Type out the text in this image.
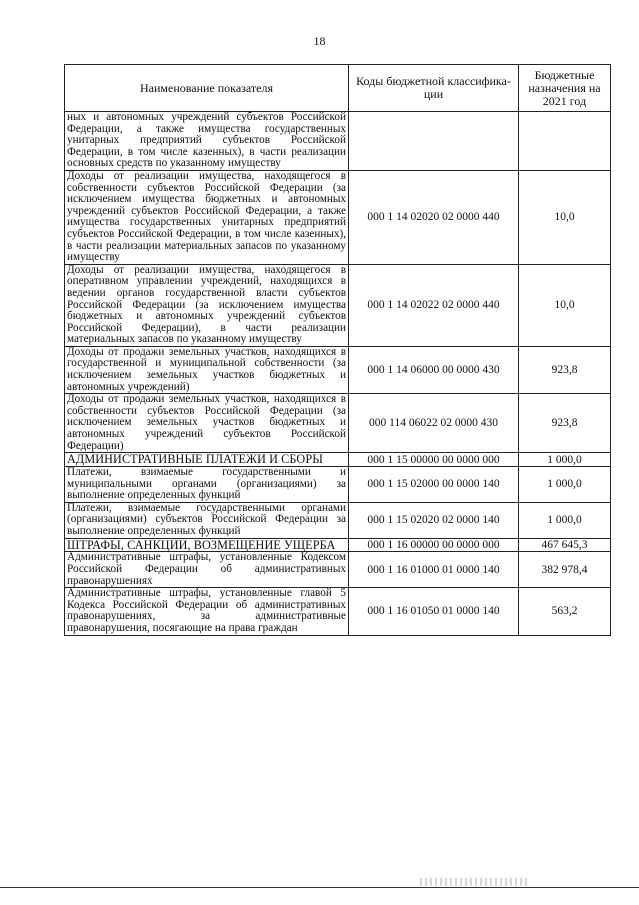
18
Наименование показателя	Коды бюджетной классифика-ции	Бюджетные назначения на 2021 год
ных и автономных учреждений субъектов Российской Федерации, а также имущества государственных унитарных предприятий субъектов Российской Федерации, в том числе казенных), в части реализации основных средств по указанному имуществу		
Доходы от реализации имущества, находящегося в собственности субъектов Российской Федерации (за исключением имущества бюджетных и автономных учреждений субъектов Российской Федерации, а также имущества государственных унитарных предприятий субъектов Российской Федерации, в том числе казенных), в части реализации материальных запасов по указанному имуществу	000 1 14 02020 02 0000 440	10,0
Доходы от реализации имущества, находящегося в оперативном управлении учреждений, находящихся в ведении органов государственной власти субъектов Российской Федерации (за исключением имущества бюджетных и автономных учреждений субъектов Российской Федерации), в части реализации материальных запасов по указанному имуществу	000 1 14 02022 02 0000 440	10,0
Доходы от продажи земельных участков, находящихся в государственной и муниципальной собственности (за исключением земельных участков бюджетных и автономных учреждений)	000 1 14 06000 00 0000 430	923,8
Доходы от продажи земельных участков, находящихся в собственности субъектов Российской Федерации (за исключением земельных участков бюджетных и автономных учреждений субъектов Российской Федерации)	000 114 06022 02 0000 430	923,8
АДМИНИСТРАТИВНЫЕ ПЛАТЕЖИ И СБОРЫ	000 1 15 00000 00 0000 000	1 000,0
Платежи, взимаемые государственными и муниципальными органами (организациями) за выполнение определенных функций	000 1 15 02000 00 0000 140	1 000,0
Платежи, взимаемые государственными органами (организациями) субъектов Российской Федерации за выполнение определенных функций	000 1 15 02020 02 0000 140	1 000,0
ШТРАФЫ, САНКЦИИ, ВОЗМЕЩЕНИЕ УЩЕРБА	000 1 16 00000 00 0000 000	467 645,3
Административные штрафы, установленные Кодексом Российской Федерации об административных правонарушениях	000 1 16 01000 01 0000 140	382 978,4
Административные штрафы, установленные главой 5 Кодекса Российской Федерации об административных правонарушениях, за административные правонарушения, посягающие на права граждан	000 1 16 01050 01 0000 140	563,2
